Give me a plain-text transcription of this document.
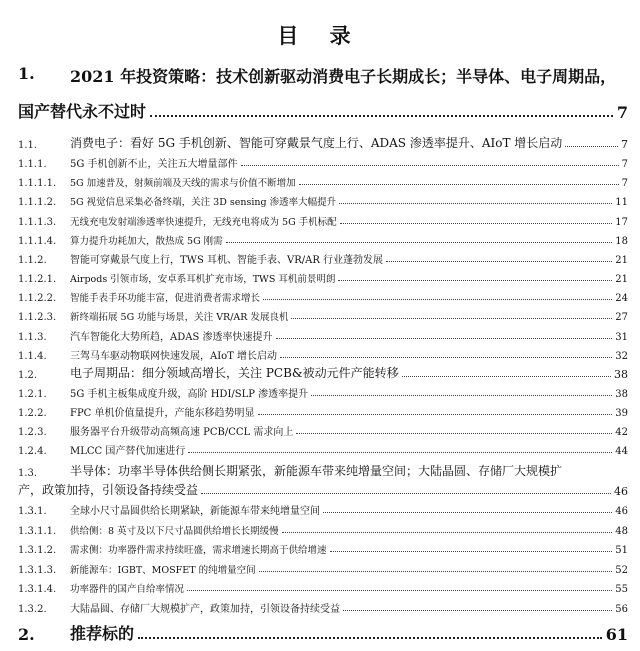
目 录
1. 2021 年投资策略：技术创新驱动消费电子长期成长；半导体、电子周期品，
国产替代永不过时	7
1.1.	消费电子：看好 5G 手机创新、智能可穿戴景气度上行、ADAS 渗透率提升、AIoT 增长启动	7
1.1.1.	5G 手机创新不止，关注五大增量部件	7
1.1.1.1.	5G 加速普及，射频前端及天线的需求与价值不断增加	7
1.1.1.2.	5G 视觉信息采集必备终端，关注 3D sensing 渗透率大幅提升	11
1.1.1.3.	无线充电发射端渗透率快速提升，无线充电将成为 5G 手机标配	17
1.1.1.4.	算力提升功耗加大，散热成 5G 刚需	18
1.1.2.	智能可穿戴景气度上行，TWS 耳机、智能手表、VR/AR 行业蓬勃发展	21
1.1.2.1.	Airpods 引领市场，安卓系耳机扩充市场，TWS 耳机前景明朗	21
1.1.2.2.	智能手表手环功能丰富，促进消费者需求增长	24
1.1.2.3.	新终端拓展 5G 功能与场景，关注 VR/AR 发展良机	27
1.1.3.	汽车智能化大势所趋，ADAS 渗透率快速提升	31
1.1.4.	三驾马车驱动物联网快速发展，AIoT 增长启动	32
1.2.	电子周期品：细分领域高增长，关注 PCB&被动元件产能转移	38
1.2.1.	5G 手机主板集成度升级，高阶 HDI/SLP 渗透率提升	38
1.2.2.	FPC 单机价值量提升，产能东移趋势明显	39
1.2.3.	服务器平台升级带动高频高速 PCB/CCL 需求向上	42
1.2.4.	MLCC 国产替代加速进行	44
1.3.	半导体：功率半导体供给侧长期紧张，新能源车带来纯增量空间；大陆晶圆、存储厂大规模扩
产，政策加持，引领设备持续受益	46
1.3.1.	全球小尺寸晶圆供给长期紧缺，新能源车带来纯增量空间	46
1.3.1.1.	供给侧：8 英寸及以下尺寸晶圆供给增长长期缓慢	48
1.3.1.2.	需求侧：功率器件需求持续旺盛，需求增速长期高于供给增速	51
1.3.1.3.	新能源车：IGBT、MOSFET 的纯增量空间	52
1.3.1.4.	功率器件的国产自给率情况	55
1.3.2.	大陆晶圆、存储厂大规模扩产，政策加持，引领设备持续受益	56
2.	推荐标的	61
